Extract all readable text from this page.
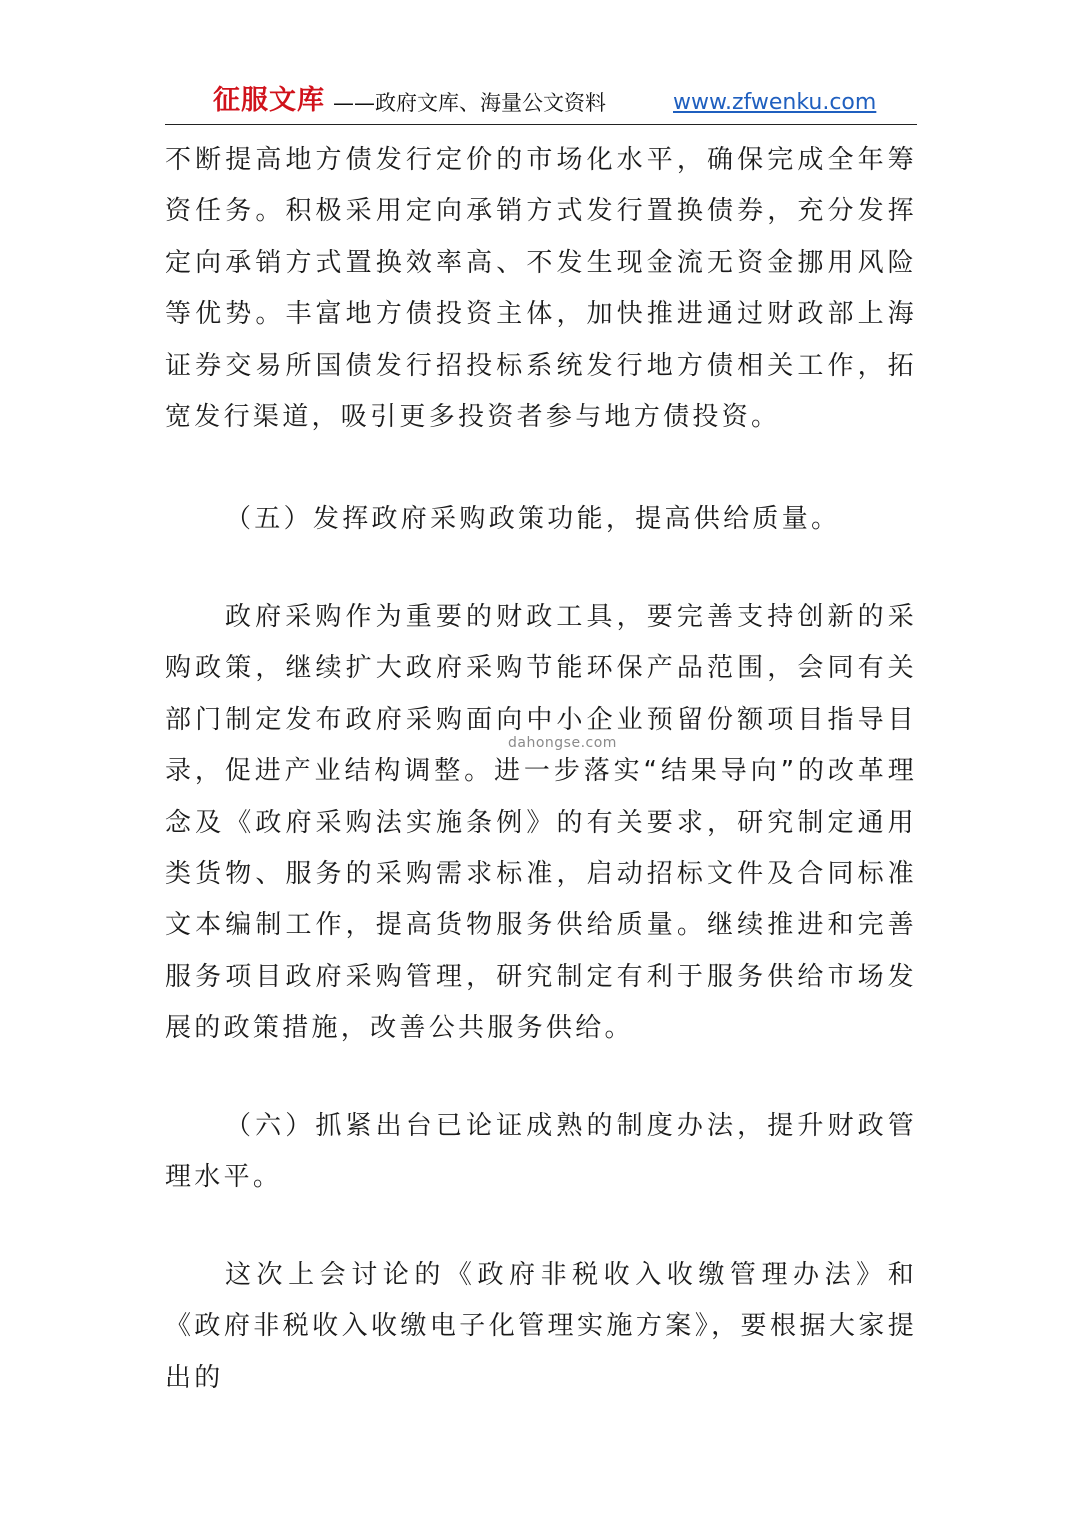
征服文库 ——政府文库、海量公文资料	www.zfwenku.com

不断提高地方债发行定价的市场化水平，确保完成全年筹资任务。积极采用定向承销方式发行置换债券，充分发挥定向承销方式置换效率高、不发生现金流无资金挪用风险等优势。丰富地方债投资主体，加快推进通过财政部上海证券交易所国债发行招投标系统发行地方债相关工作，拓宽发行渠道，吸引更多投资者参与地方债投资。

（五）发挥政府采购政策功能，提高供给质量。

政府采购作为重要的财政工具，要完善支持创新的采购政策，继续扩大政府采购节能环保产品范围，会同有关部门制定发布政府采购面向中小企业预留份额项目指导目录，促进产业结构调整。进一步落实“结果导向”的改革理念及《政府采购法实施条例》的有关要求，研究制定通用类货物、服务的采购需求标准，启动招标文件及合同标准文本编制工作，提高货物服务供给质量。继续推进和完善服务项目政府采购管理，研究制定有利于服务供给市场发展的政策措施，改善公共服务供给。

（六）抓紧出台已论证成熟的制度办法，提升财政管理水平。

这次上会讨论的《政府非税收入收缴管理办法》和《政府非税收入收缴电子化管理实施方案》，要根据大家提出的

dahongse.com
